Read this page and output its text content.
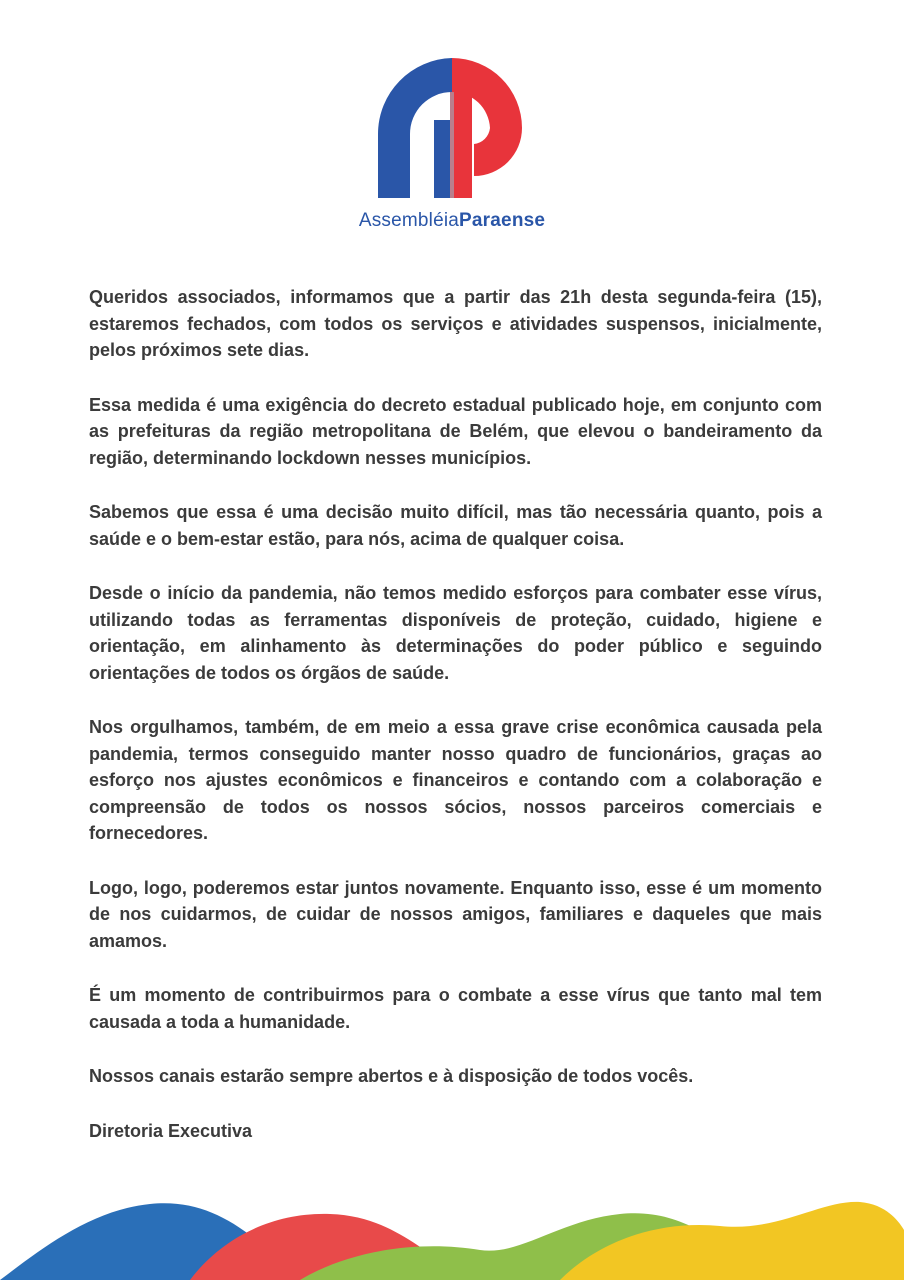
AssembléiaParaense

Queridos associados, informamos que a partir das 21h desta segunda-feira (15), estaremos fechados, com todos os serviços e atividades suspensos, inicialmente, pelos próximos sete dias.

Essa medida é uma exigência do decreto estadual publicado hoje, em conjunto com as prefeituras da região metropolitana de Belém, que elevou o bandeiramento da região, determinando lockdown nesses municípios.

Sabemos que essa é uma decisão muito difícil, mas tão necessária quanto, pois a saúde e o bem-estar estão, para nós, acima de qualquer coisa.

Desde o início da pandemia, não temos medido esforços para combater esse vírus, utilizando todas as ferramentas disponíveis de proteção, cuidado, higiene e orientação, em alinhamento às determinações do poder público e seguindo orientações de todos os órgãos de saúde.

Nos orgulhamos, também, de em meio a essa grave crise econômica causada pela pandemia, termos conseguido manter nosso quadro de funcionários, graças ao esforço nos ajustes econômicos e financeiros e contando com a colaboração e compreensão de todos os nossos sócios, nossos parceiros comerciais e fornecedores.

Logo, logo, poderemos estar juntos novamente. Enquanto isso, esse é um momento de nos cuidarmos, de cuidar de nossos amigos, familiares e daqueles que mais amamos.

É um momento de contribuirmos para o combate a esse vírus que tanto mal tem causada a toda a humanidade.

Nossos canais estarão sempre abertos e à disposição de todos vocês.

Diretoria Executiva
